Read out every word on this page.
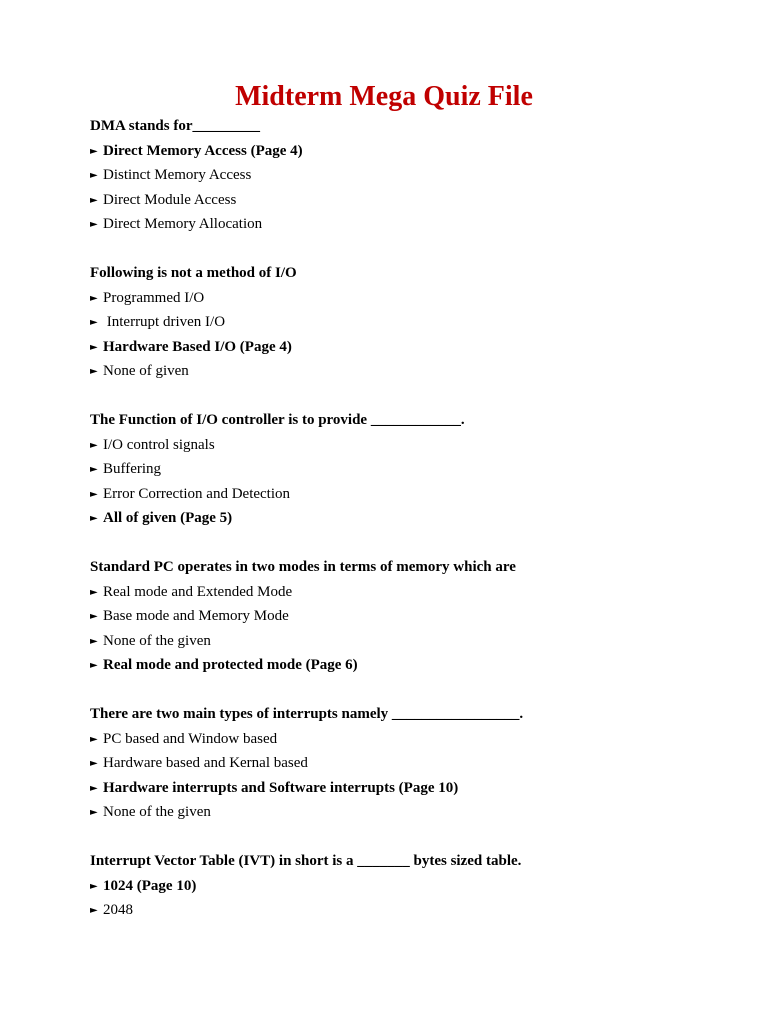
Midterm Mega Quiz File
DMA stands for_________
► Direct Memory Access (Page 4)
► Distinct Memory Access
► Direct Module Access
► Direct Memory Allocation
Following is not a method of I/O
► Programmed I/O
► Interrupt driven I/O
► Hardware Based I/O (Page 4)
► None of given
The Function of I/O controller is to provide ____________.
► I/O control signals
► Buffering
► Error Correction and Detection
► All of given (Page 5)
Standard PC operates in two modes in terms of memory which are
► Real mode and Extended Mode
► Base mode and Memory Mode
► None of the given
► Real mode and protected mode (Page 6)
There are two main types of interrupts namely _________________.
► PC based and Window based
► Hardware based and Kernal based
► Hardware interrupts and Software interrupts (Page 10)
► None of the given
Interrupt Vector Table (IVT) in short is a _______ bytes sized table.
► 1024 (Page 10)
► 2048
